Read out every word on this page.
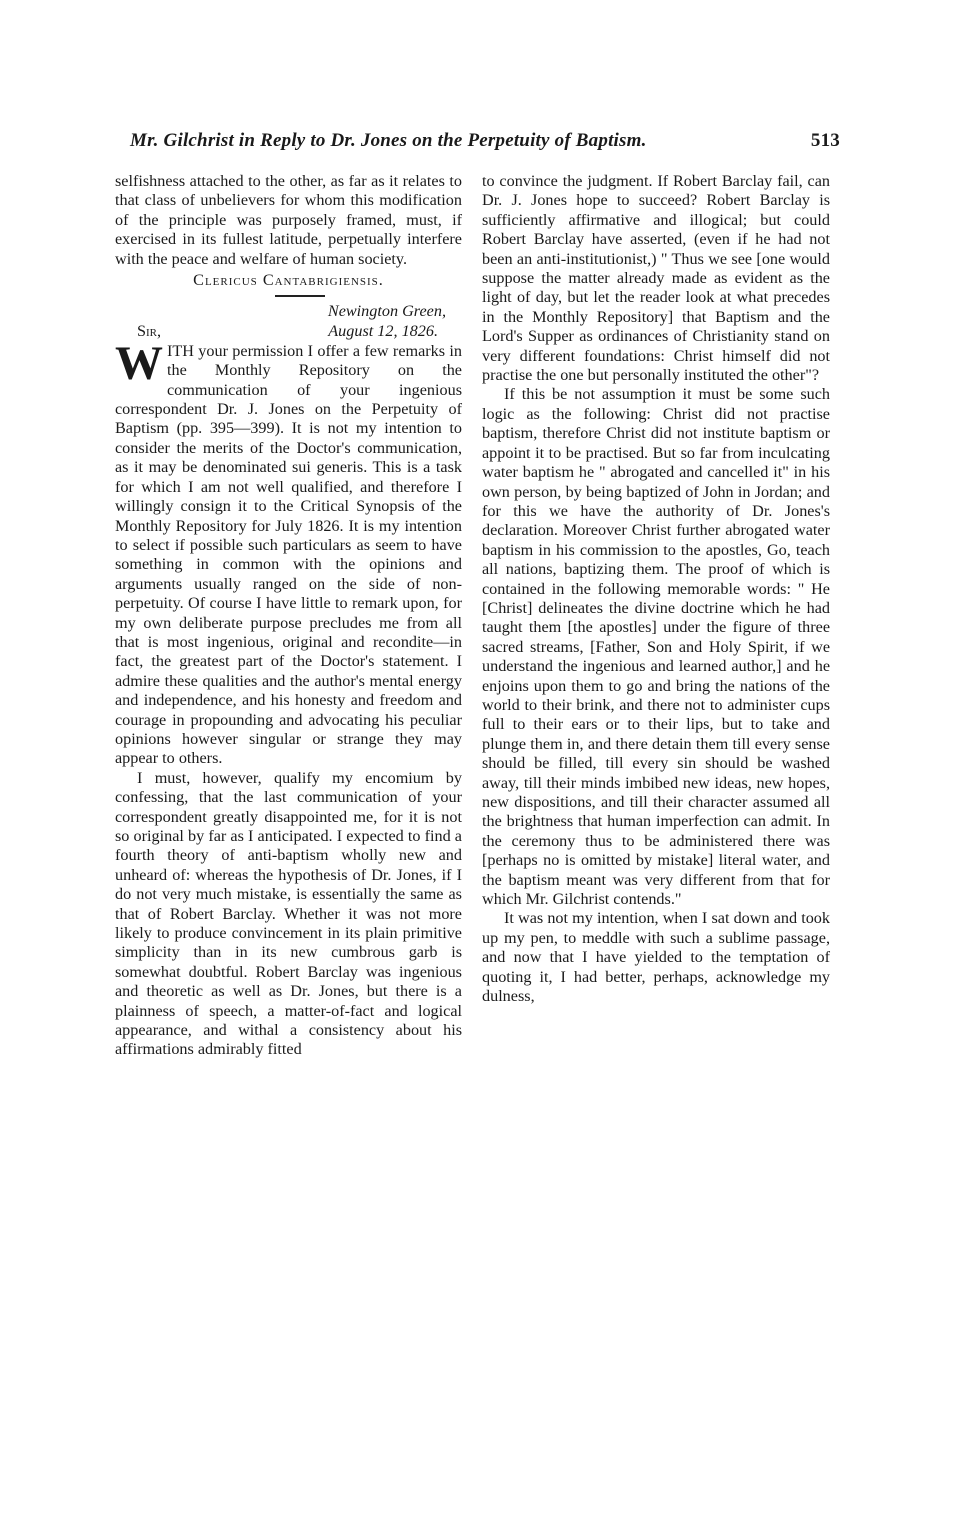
Mr. Gilchrist in Reply to Dr. Jones on the Perpetuity of Baptism.	513

selfishness attached to the other, as far as it relates to that class of unbelievers for whom this modification of the principle was purposely framed, must, if exercised in its fullest latitude, perpetually interfere with the peace and welfare of human society.

Clericus Cantabrigiensis.

Newington Green,

Sir,	August 12, 1826.
W ITH your permission I offer a few remarks in the Monthly Repository on the communication of your ingenious correspondent Dr. J. Jones on the Perpetuity of Baptism (pp. 395—399). It is not my intention to consider the merits of the Doctor's communication, as it may be denominated sui generis. This is a task for which I am not well qualified, and therefore I willingly consign it to the Critical Synopsis of the Monthly Repository for July 1826. It is my intention to select if possible such particulars as seem to have something in common with the opinions and arguments usually ranged on the side of non-perpetuity. Of course I have little to remark upon, for my own deliberate purpose precludes me from all that is most ingenious, original and recondite—in fact, the greatest part of the Doctor's statement. I admire these qualities and the author's mental energy and independence, and his honesty and freedom and courage in propounding and advocating his peculiar opinions however singular or strange they may appear to others.

I must, however, qualify my encomium by confessing, that the last communication of your correspondent greatly disappointed me, for it is not so original by far as I anticipated. I expected to find a fourth theory of anti-baptism wholly new and unheard of: whereas the hypothesis of Dr. Jones, if I do not very much mistake, is essentially the same as that of Robert Barclay. Whether it was not more likely to produce convincement in its plain primitive simplicity than in its new cumbrous garb is somewhat doubtful. Robert Barclay was ingenious and theoretic as well as Dr. Jones, but there is a plainness of speech, a matter-of-fact and logical appearance, and withal a consistency about his affirmations admirably fitted

to convince the judgment. If Robert Barclay fail, can Dr. J. Jones hope to succeed? Robert Barclay is sufficiently affirmative and illogical; but could Robert Barclay have asserted, (even if he had not been an anti-institutionist,) " Thus we see [one would suppose the matter already made as evident as the light of day, but let the reader look at what precedes in the Monthly Repository] that Baptism and the Lord's Supper as ordinances of Christianity stand on very different foundations: Christ himself did not practise the one but personally instituted the other"?

If this be not assumption it must be some such logic as the following: Christ did not practise baptism, therefore Christ did not institute baptism or appoint it to be practised. But so far from inculcating water baptism he " abrogated and cancelled it" in his own person, by being baptized of John in Jordan; and for this we have the authority of Dr. Jones's declaration. Moreover Christ further abrogated water baptism in his commission to the apostles, Go, teach all nations, baptizing them. The proof of which is contained in the following memorable words: " He [Christ] delineates the divine doctrine which he had taught them [the apostles] under the figure of three sacred streams, [Father, Son and Holy Spirit, if we understand the ingenious and learned author,] and he enjoins upon them to go and bring the nations of the world to their brink, and there not to administer cups full to their ears or to their lips, but to take and plunge them in, and there detain them till every sense should be filled, till every sin should be washed away, till their minds imbibed new ideas, new hopes, new dispositions, and till their character assumed all the brightness that human imperfection can admit. In the ceremony thus to be administered there was [perhaps no is omitted by mistake] literal water, and the baptism meant was very different from that for which Mr. Gilchrist contends."

It was not my intention, when I sat down and took up my pen, to meddle with such a sublime passage, and now that I have yielded to the temptation of quoting it, I had better, perhaps, acknowledge my dulness,
